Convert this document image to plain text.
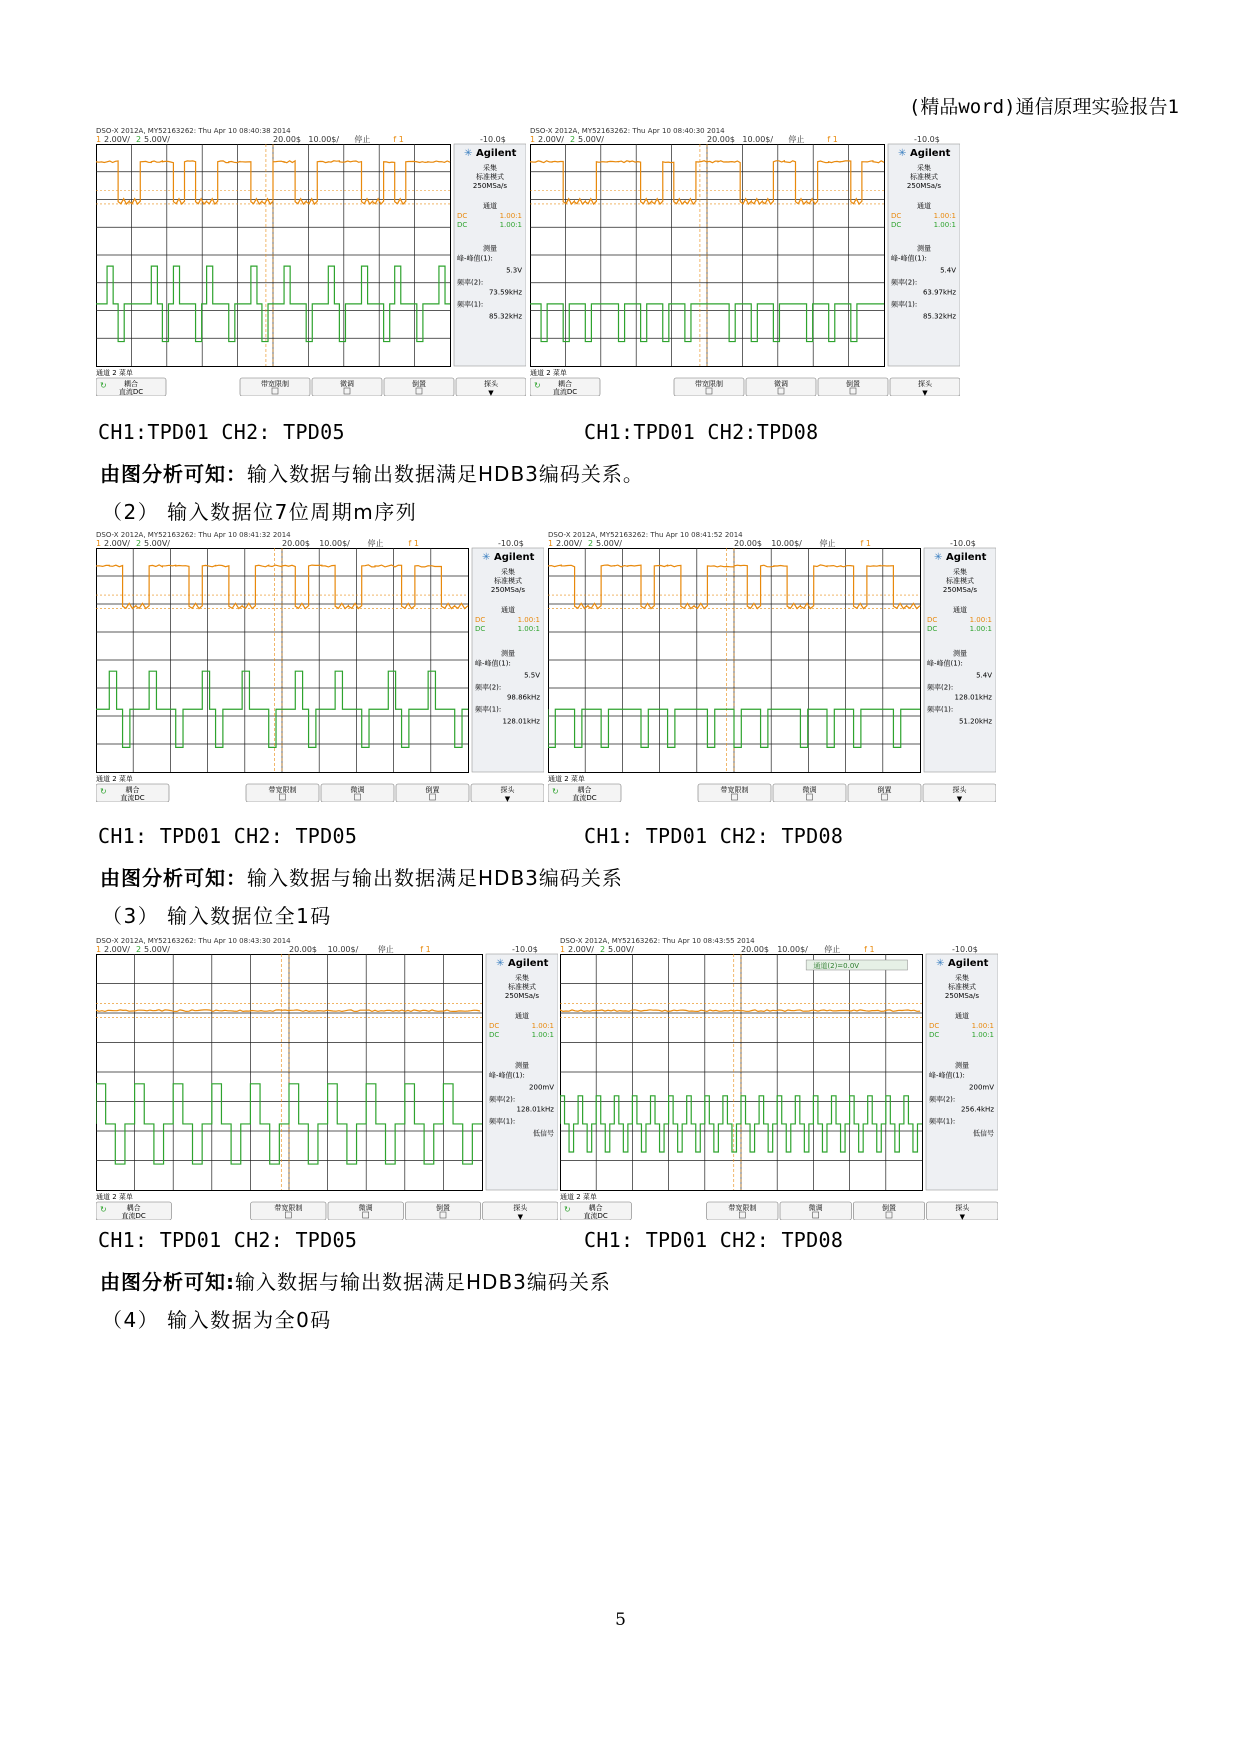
(精品word)通信原理实验报告1
DSO-X 2012A, MY52163262: Thu Apr 10 08:40:38 2014
1 2.00V/ 2 5.00V/	20.00$ 10.00$/ 停止	f 1	-10.0$
✳ Agilent
采集
标准模式
250MSa/s
通道
DC	1.00:1
DC	1.00:1
测量
峰-峰值(1):
5.3V
频率(2):
73.59kHz
频率(1):
85.32kHz
通道 2 菜单
耦合
直流DC
↻	带宽限制	微调	倒置	探头
▼
DSO-X 2012A, MY52163262: Thu Apr 10 08:40:30 2014
1 2.00V/ 2 5.00V/	20.00$ 10.00$/ 停止	f 1	-10.0$
✳ Agilent
采集
标准模式
250MSa/s
通道
DC	1.00:1
DC	1.00:1
测量
峰-峰值(1):
5.4V
频率(2):
63.97kHz
频率(1):
85.32kHz
通道 2 菜单
耦合
直流DC
↻	带宽限制	微调	倒置	探头
▼
DSO-X 2012A, MY52163262: Thu Apr 10 08:41:32 2014
1 2.00V/ 2 5.00V/	20.00$ 10.00$/ 停止	f 1	-10.0$
✳ Agilent
采集
标准模式
250MSa/s
通道
DC	1.00:1
DC	1.00:1
测量
峰-峰值(1):
5.5V
频率(2):
98.86kHz
频率(1):
128.01kHz
通道 2 菜单
耦合
直流DC
↻	带宽限制	微调	倒置	探头
▼
DSO-X 2012A, MY52163262: Thu Apr 10 08:41:52 2014
1 2.00V/ 2 5.00V/	20.00$ 10.00$/ 停止	f 1	-10.0$
✳ Agilent
采集
标准模式
250MSa/s
通道
DC	1.00:1
DC	1.00:1
测量
峰-峰值(1):
5.4V
频率(2):
128.01kHz
频率(1):
51.20kHz
通道 2 菜单
耦合
直流DC
↻	带宽限制	微调	倒置	探头
▼
DSO-X 2012A, MY52163262: Thu Apr 10 08:43:30 2014
1 2.00V/ 2 5.00V/	20.00$ 10.00$/ 停止	f 1	-10.0$
✳ Agilent
采集
标准模式
250MSa/s
通道
DC	1.00:1
DC	1.00:1
测量
峰-峰值(1):
200mV
频率(2):
128.01kHz
频率(1):
低信号
通道 2 菜单
耦合
直流DC
↻	带宽限制	微调	倒置	探头
▼
DSO-X 2012A, MY52163262: Thu Apr 10 08:43:55 2014
1 2.00V/ 2 5.00V/	20.00$ 10.00$/ 停止	f 1	-10.0$
✳ Agilent
采集
标准模式
250MSa/s
通道
DC	1.00:1
DC	1.00:1
测量
峰-峰值(1):
200mV
频率(2):
256.4kHz
频率(1):
低信号
通道(2)=0.0V
通道 2 菜单
耦合
直流DC
↻	带宽限制	微调	倒置	探头
▼
CH1:TPD01 CH2: TPD05	CH1:TPD01 CH2:TPD08
由图分析可知：输入数据与输出数据满足HDB3编码关系。
（2） 输入数据位7位周期m序列
CH1: TPD01 CH2: TPD05	CH1: TPD01 CH2: TPD08
由图分析可知：输入数据与输出数据满足HDB3编码关系
（3） 输入数据位全1码
CH1: TPD01 CH2: TPD05	CH1: TPD01 CH2: TPD08
由图分析可知:输入数据与输出数据满足HDB3编码关系
（4） 输入数据为全0码
5
